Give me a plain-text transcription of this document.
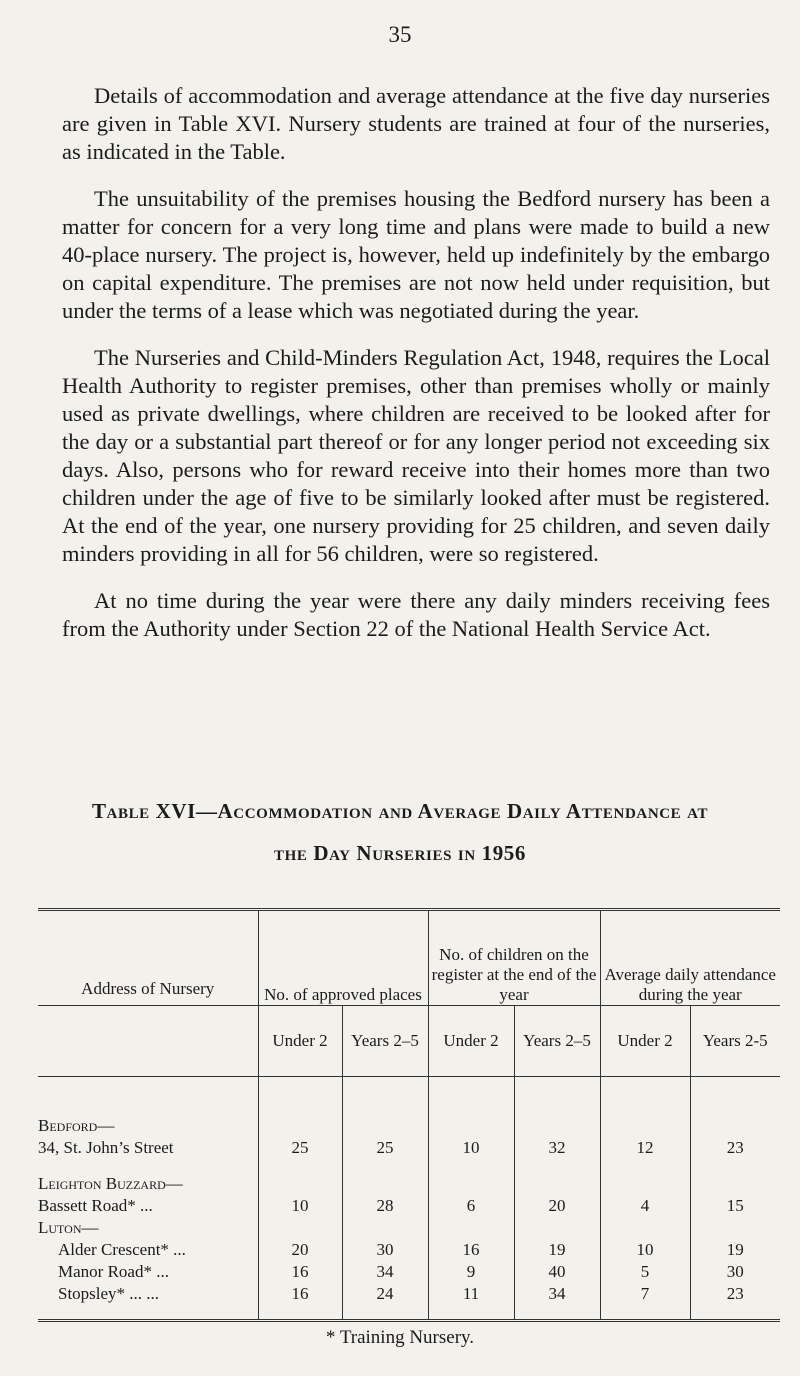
35

Details of accommodation and average attendance at the five day nurseries are given in Table XVI. Nursery students are trained at four of the nurseries, as indicated in the Table.

The unsuitability of the premises housing the Bedford nursery has been a matter for concern for a very long time and plans were made to build a new 40-place nursery. The project is, however, held up indefinitely by the embargo on capital expenditure. The premises are not now held under requisition, but under the terms of a lease which was negotiated during the year.

The Nurseries and Child-Minders Regulation Act, 1948, requires the Local Health Authority to register premises, other than premises wholly or mainly used as private dwellings, where children are received to be looked after for the day or a substantial part thereof or for any longer period not exceeding six days. Also, persons who for reward receive into their homes more than two children under the age of five to be similarly looked after must be registered. At the end of the year, one nursery providing for 25 children, and seven daily minders providing in all for 56 children, were so registered.

At no time during the year were there any daily minders receiving fees from the Authority under Section 22 of the National Health Service Act.

Table XVI—Accommodation and Average Daily Attendance at
the Day Nurseries in 1956
Address of Nursery	No. of approved places		No. of children on the register at the end of the year		Average daily attendance during the year	
	Under 2	Years 2–5	Under 2	Years 2–5	Under 2	Years 2-5
Bedford—						
34, St. John’s Street	25	25	10	32	12	23
Leighton Buzzard—						
Bassett Road* ...	10	28	6	20	4	15
Luton—						
Alder Crescent* ...	20	30	16	19	10	19
Manor Road* ...	16	34	9	40	5	30
Stopsley* ... ...	16	24	11	34	7	23
* Training Nursery.
